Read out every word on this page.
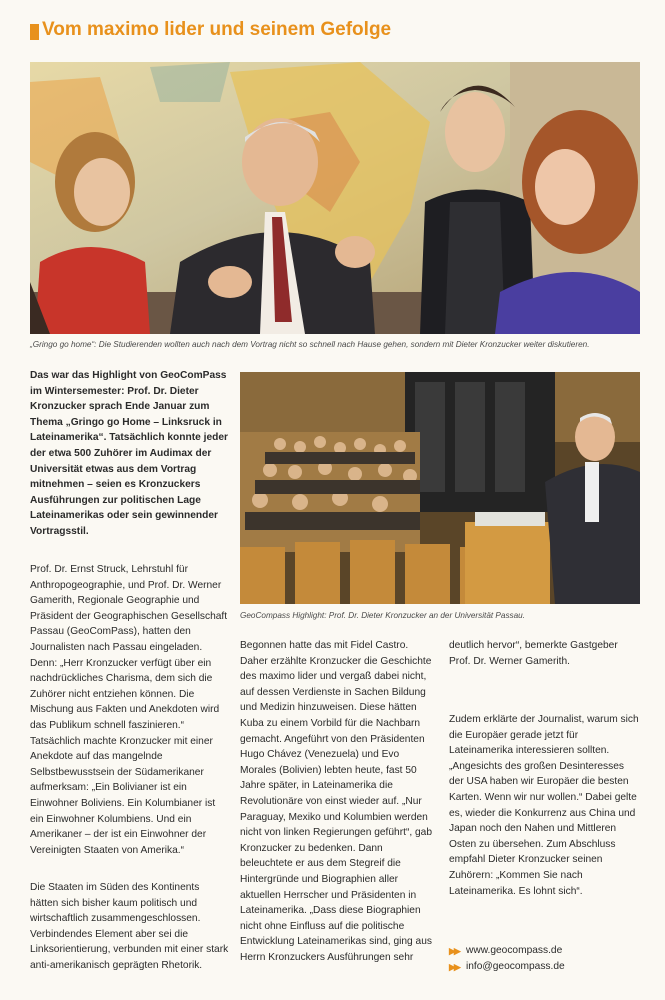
Vom maximo lider und seinem Gefolge
„Gringo go home“: Die Studierenden wollten auch nach dem Vortrag nicht so schnell nach Hause gehen, sondern mit Dieter Kronzucker weiter diskutieren.
GeoCompass Highlight: Prof. Dr. Dieter Kronzucker an der Universität Passau.

Das war das Highlight von GeoComPass im Wintersemester: Prof. Dr. Dieter Kronzucker sprach Ende Januar zum Thema „Gringo go Home – Linksruck in Lateinamerika“. Tatsächlich konnte jeder der etwa 500 Zuhörer im Audimax der Universität etwas aus dem Vortrag mitnehmen – seien es Kronzuckers Ausführungen zur politischen Lage Lateinamerikas oder sein gewinnender Vortragsstil.

Prof. Dr. Ernst Struck, Lehrstuhl für Anthropogeographie, und Prof. Dr. Werner Gamerith, Regionale Geographie und Präsident der Geographischen Gesellschaft Passau (GeoComPass), hatten den Journalisten nach Passau eingeladen. Denn: „Herr Kronzucker verfügt über ein nachdrückliches Charisma, dem sich die Zuhörer nicht entziehen können. Die Mischung aus Fakten und Anekdoten wird das Publikum schnell faszinieren.“ Tatsächlich machte Kronzucker mit einer Anekdote auf das mangelnde Selbstbewusstsein der Südamerikaner aufmerksam: „Ein Bolivianer ist ein Einwohner Boliviens. Ein Kolumbianer ist ein Einwohner Kolumbiens. Und ein Amerikaner – der ist ein Einwohner der Vereinigten Staaten von Amerika.“

Die Staaten im Süden des Kontinents hätten sich bisher kaum politisch und wirtschaftlich zusammengeschlossen. Verbindendes Element aber sei die Linksorientierung, verbunden mit einer stark anti-amerikanisch geprägten Rhetorik.

Begonnen hatte das mit Fidel Castro. Daher erzählte Kronzucker die Geschichte des maximo lider und vergaß dabei nicht, auf dessen Verdienste in Sachen Bildung und Medizin hinzuweisen. Diese hätten Kuba zu einem Vorbild für die Nachbarn gemacht. Angeführt von den Präsidenten Hugo Chávez (Venezuela) und Evo Morales (Bolivien) lebten heute, fast 50 Jahre später, in Lateinamerika die Revolutionäre von einst wieder auf. „Nur Paraguay, Mexiko und Kolumbien werden nicht von linken Regierungen geführt“, gab Kronzucker zu bedenken. Dann beleuchtete er aus dem Stegreif die Hintergründe und Biographien aller aktuellen Herrscher und Präsidenten in Lateinamerika. „Dass diese Biographien nicht ohne Einfluss auf die politische Entwicklung Lateinamerikas sind, ging aus Herrn Kronzuckers Ausführungen sehr

deutlich hervor“, bemerkte Gastgeber Prof. Dr. Werner Gamerith.

Zudem erklärte der Journalist, warum sich die Europäer gerade jetzt für Lateinamerika interessieren sollten. „Angesichts des großen Desinteresses der USA haben wir Europäer die besten Karten. Wenn wir nur wollen.“ Dabei gelte es, wieder die Konkurrenz aus China und Japan noch den Nahen und Mittleren Osten zu übersehen. Zum Abschluss empfahl Dieter Kronzucker seinen Zuhörern: „Kommen Sie nach Lateinamerika. Es lohnt sich“.

▶▶ www.geocompass.de
▶▶ info@geocompass.de
